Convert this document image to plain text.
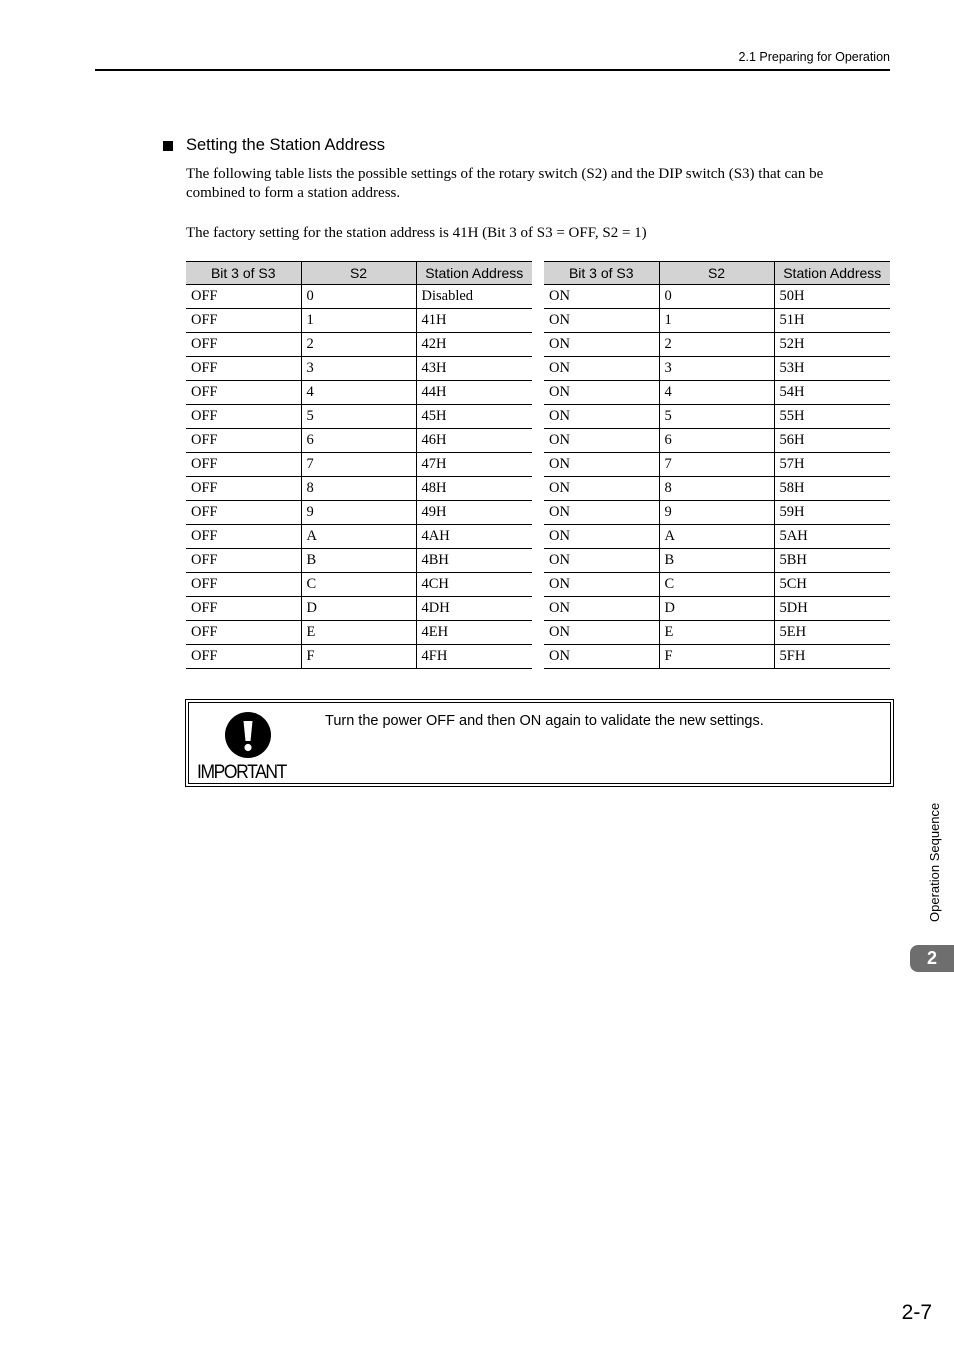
2.1 Preparing for Operation
Setting the Station Address
The following table lists the possible settings of the rotary switch (S2) and the DIP switch (S3) that can be
combined to form a station address.
The factory setting for the station address is 41H (Bit 3 of S3 = OFF, S2 = 1)
Bit 3 of S3	S2	Station Address
OFF	0	Disabled
OFF	1	41H
OFF	2	42H
OFF	3	43H
OFF	4	44H
OFF	5	45H
OFF	6	46H
OFF	7	47H
OFF	8	48H
OFF	9	49H
OFF	A	4AH
OFF	B	4BH
OFF	C	4CH
OFF	D	4DH
OFF	E	4EH
OFF	F	4FH
Bit 3 of S3	S2	Station Address
ON	0	50H
ON	1	51H
ON	2	52H
ON	3	53H
ON	4	54H
ON	5	55H
ON	6	56H
ON	7	57H
ON	8	58H
ON	9	59H
ON	A	5AH
ON	B	5BH
ON	C	5CH
ON	D	5DH
ON	E	5EH
ON	F	5FH
IMPORTANT
Turn the power OFF and then ON again to validate the new settings.
Operation Sequence
2
2-7
